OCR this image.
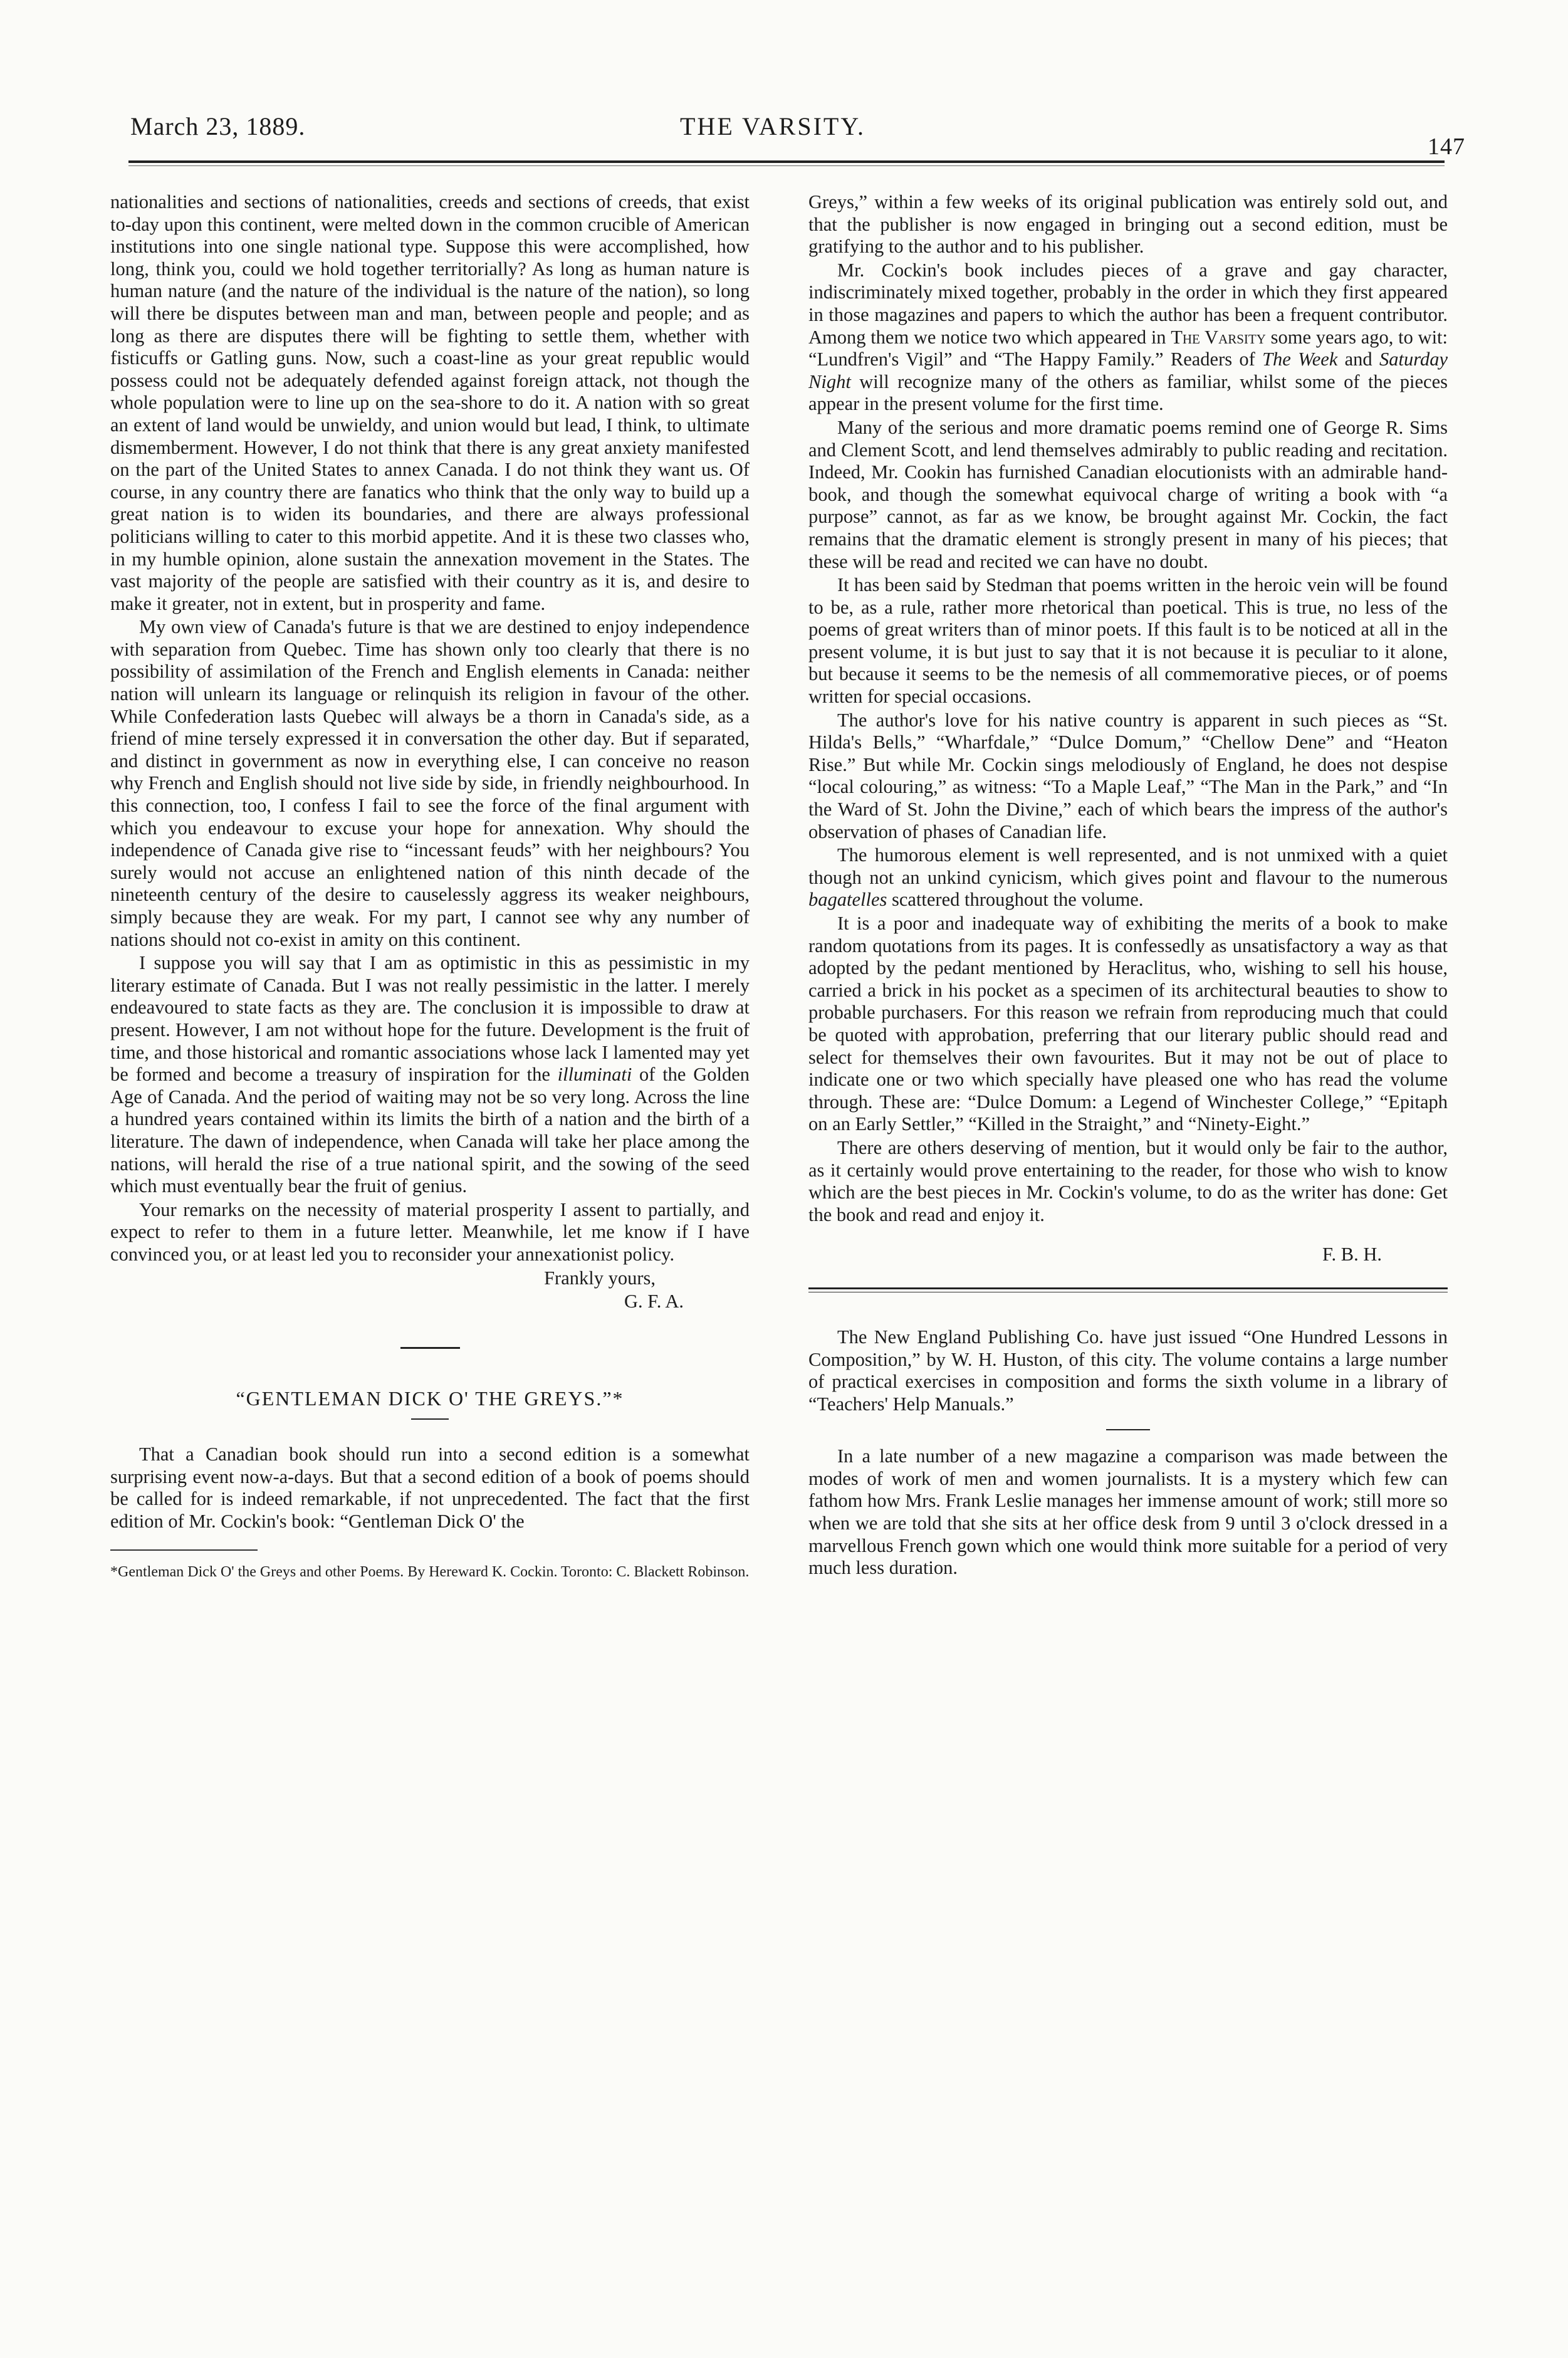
March 23, 1889.	THE VARSITY.
147

nationalities and sections of nationalities, creeds and sections of creeds, that exist to-day upon this continent, were melted down in the common crucible of American institutions into one single national type. Suppose this were accomplished, how long, think you, could we hold together territorially? As long as human nature is human nature (and the nature of the individual is the nature of the nation), so long will there be disputes between man and man, between people and people; and as long as there are disputes there will be fighting to settle them, whether with fisticuffs or Gatling guns. Now, such a coast-line as your great republic would possess could not be adequately defended against foreign attack, not though the whole population were to line up on the sea-shore to do it. A nation with so great an extent of land would be unwieldy, and union would but lead, I think, to ultimate dismemberment. However, I do not think that there is any great anxiety manifested on the part of the United States to annex Canada. I do not think they want us. Of course, in any country there are fanatics who think that the only way to build up a great nation is to widen its boundaries, and there are always professional politicians willing to cater to this morbid appetite. And it is these two classes who, in my humble opinion, alone sustain the annexation movement in the States. The vast majority of the people are satisfied with their country as it is, and desire to make it greater, not in extent, but in prosperity and fame.

My own view of Canada's future is that we are destined to enjoy independence with separation from Quebec. Time has shown only too clearly that there is no possibility of assimilation of the French and English elements in Canada: neither nation will unlearn its language or relinquish its religion in favour of the other. While Confederation lasts Quebec will always be a thorn in Canada's side, as a friend of mine tersely expressed it in conversation the other day. But if separated, and distinct in government as now in everything else, I can conceive no reason why French and English should not live side by side, in friendly neighbourhood. In this connection, too, I confess I fail to see the force of the final argument with which you endeavour to excuse your hope for annexation. Why should the independence of Canada give rise to “incessant feuds” with her neighbours? You surely would not accuse an enlightened nation of this ninth decade of the nineteenth century of the desire to causelessly aggress its weaker neighbours, simply because they are weak. For my part, I cannot see why any number of nations should not co-exist in amity on this continent.

I suppose you will say that I am as optimistic in this as pessimistic in my literary estimate of Canada. But I was not really pessimistic in the latter. I merely endeavoured to state facts as they are. The conclusion it is impossible to draw at present. However, I am not without hope for the future. Development is the fruit of time, and those historical and romantic associations whose lack I lamented may yet be formed and become a treasury of inspiration for the illuminati of the Golden Age of Canada. And the period of waiting may not be so very long. Across the line a hundred years contained within its limits the birth of a nation and the birth of a literature. The dawn of independence, when Canada will take her place among the nations, will herald the rise of a true national spirit, and the sowing of the seed which must eventually bear the fruit of genius.

Your remarks on the necessity of material prosperity I assent to partially, and expect to refer to them in a future letter. Meanwhile, let me know if I have convinced you, or at least led you to reconsider your annexationist policy.

Frankly yours,

G. F. A.

“GENTLEMAN DICK O' THE GREYS.”*

That a Canadian book should run into a second edition is a somewhat surprising event now-a-days. But that a second edition of a book of poems should be called for is indeed remarkable, if not unprecedented. The fact that the first edition of Mr. Cockin's book: “Gentleman Dick O' the

*Gentleman Dick O' the Greys and other Poems. By Hereward K. Cockin. Toronto: C. Blackett Robinson.

Greys,” within a few weeks of its original publication was entirely sold out, and that the publisher is now engaged in bringing out a second edition, must be gratifying to the author and to his publisher.

Mr. Cockin's book includes pieces of a grave and gay character, indiscriminately mixed together, probably in the order in which they first appeared in those magazines and papers to which the author has been a frequent contributor. Among them we notice two which appeared in The Varsity some years ago, to wit: “Lundfren's Vigil” and “The Happy Family.” Readers of The Week and Saturday Night will recognize many of the others as familiar, whilst some of the pieces appear in the present volume for the first time.

Many of the serious and more dramatic poems remind one of George R. Sims and Clement Scott, and lend themselves admirably to public reading and recitation. Indeed, Mr. Cookin has furnished Canadian elocutionists with an admirable hand-book, and though the somewhat equivocal charge of writing a book with “a purpose” cannot, as far as we know, be brought against Mr. Cockin, the fact remains that the dramatic element is strongly present in many of his pieces; that these will be read and recited we can have no doubt.

It has been said by Stedman that poems written in the heroic vein will be found to be, as a rule, rather more rhetorical than poetical. This is true, no less of the poems of great writers than of minor poets. If this fault is to be noticed at all in the present volume, it is but just to say that it is not because it is peculiar to it alone, but because it seems to be the nemesis of all commemorative pieces, or of poems written for special occasions.

The author's love for his native country is apparent in such pieces as “St. Hilda's Bells,” “Wharfdale,” “Dulce Domum,” “Chellow Dene” and “Heaton Rise.” But while Mr. Cockin sings melodiously of England, he does not despise “local colouring,” as witness: “To a Maple Leaf,” “The Man in the Park,” and “In the Ward of St. John the Divine,” each of which bears the impress of the author's observation of phases of Canadian life.

The humorous element is well represented, and is not unmixed with a quiet though not an unkind cynicism, which gives point and flavour to the numerous bagatelles scattered throughout the volume.

It is a poor and inadequate way of exhibiting the merits of a book to make random quotations from its pages. It is confessedly as unsatisfactory a way as that adopted by the pedant mentioned by Heraclitus, who, wishing to sell his house, carried a brick in his pocket as a specimen of its architectural beauties to show to probable purchasers. For this reason we refrain from reproducing much that could be quoted with approbation, preferring that our literary public should read and select for themselves their own favourites. But it may not be out of place to indicate one or two which specially have pleased one who has read the volume through. These are: “Dulce Domum: a Legend of Winchester College,” “Epitaph on an Early Settler,” “Killed in the Straight,” and “Ninety-Eight.”

There are others deserving of mention, but it would only be fair to the author, as it certainly would prove entertaining to the reader, for those who wish to know which are the best pieces in Mr. Cockin's volume, to do as the writer has done: Get the book and read and enjoy it.

F. B. H.

The New England Publishing Co. have just issued “One Hundred Lessons in Composition,” by W. H. Huston, of this city. The volume contains a large number of practical exercises in composition and forms the sixth volume in a library of “Teachers' Help Manuals.”

In a late number of a new magazine a comparison was made between the modes of work of men and women journalists. It is a mystery which few can fathom how Mrs. Frank Leslie manages her immense amount of work; still more so when we are told that she sits at her office desk from 9 until 3 o'clock dressed in a marvellous French gown which one would think more suitable for a period of very much less duration.
